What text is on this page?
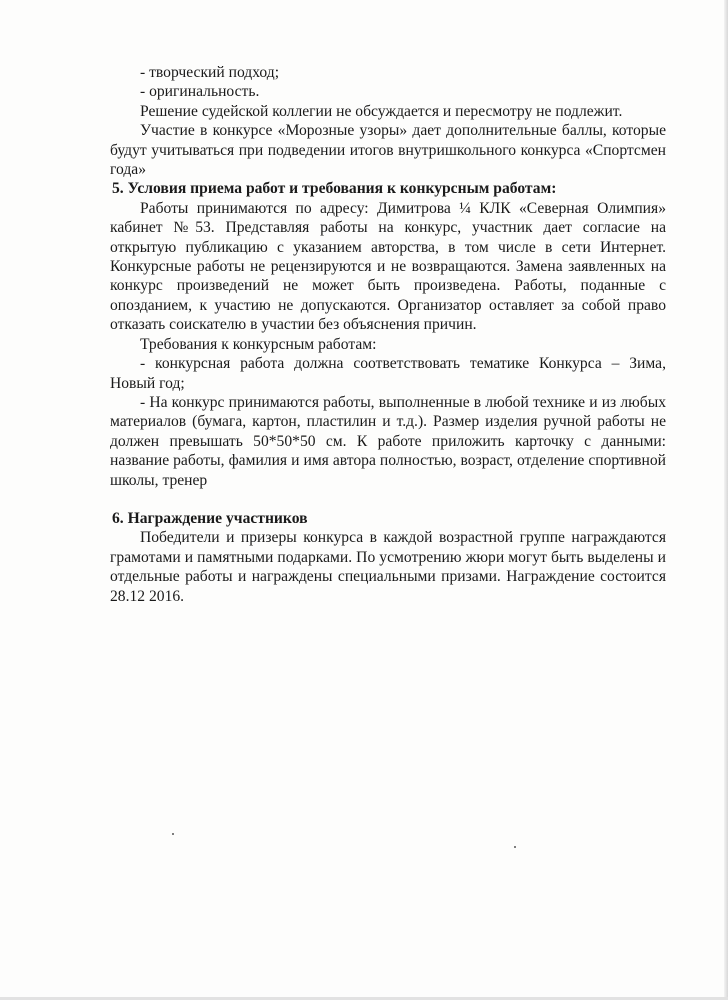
- творческий подход;

- оригинальность.

Решение судейской коллегии не обсуждается и пересмотру не подлежит.

Участие в конкурсе «Морозные узоры» дает дополнительные баллы, которые будут учитываться при подведении итогов внутришкольного конкурса «Спортсмен года»

5. Условия приема работ и требования к конкурсным работам:

Работы принимаются по адресу: Димитрова ¼ КЛК «Северная Олимпия» кабинет №53. Представляя работы на конкурс, участник дает согласие на открытую публикацию с указанием авторства, в том числе в сети Интернет. Конкурсные работы не рецензируются и не возвращаются. Замена заявленных на конкурс произведений не может быть произведена. Работы, поданные с опозданием, к участию не допускаются. Организатор оставляет за собой право отказать соискателю в участии без объяснения причин.

Требования к конкурсным работам:

- конкурсная работа должна соответствовать тематике Конкурса – Зима, Новый год;

- На конкурс принимаются работы, выполненные в любой технике и из любых материалов (бумага, картон, пластилин и т.д.). Размер изделия ручной работы не должен превышать 50*50*50 см. К работе приложить карточку с данными: название работы, фамилия и имя автора полностью, возраст, отделение спортивной школы, тренер

6. Награждение участников

Победители и призеры конкурса в каждой возрастной группе награждаются грамотами и памятными подарками. По усмотрению жюри могут быть выделены и отдельные работы и награждены специальными призами. Награждение состоится 28.12 2016.
